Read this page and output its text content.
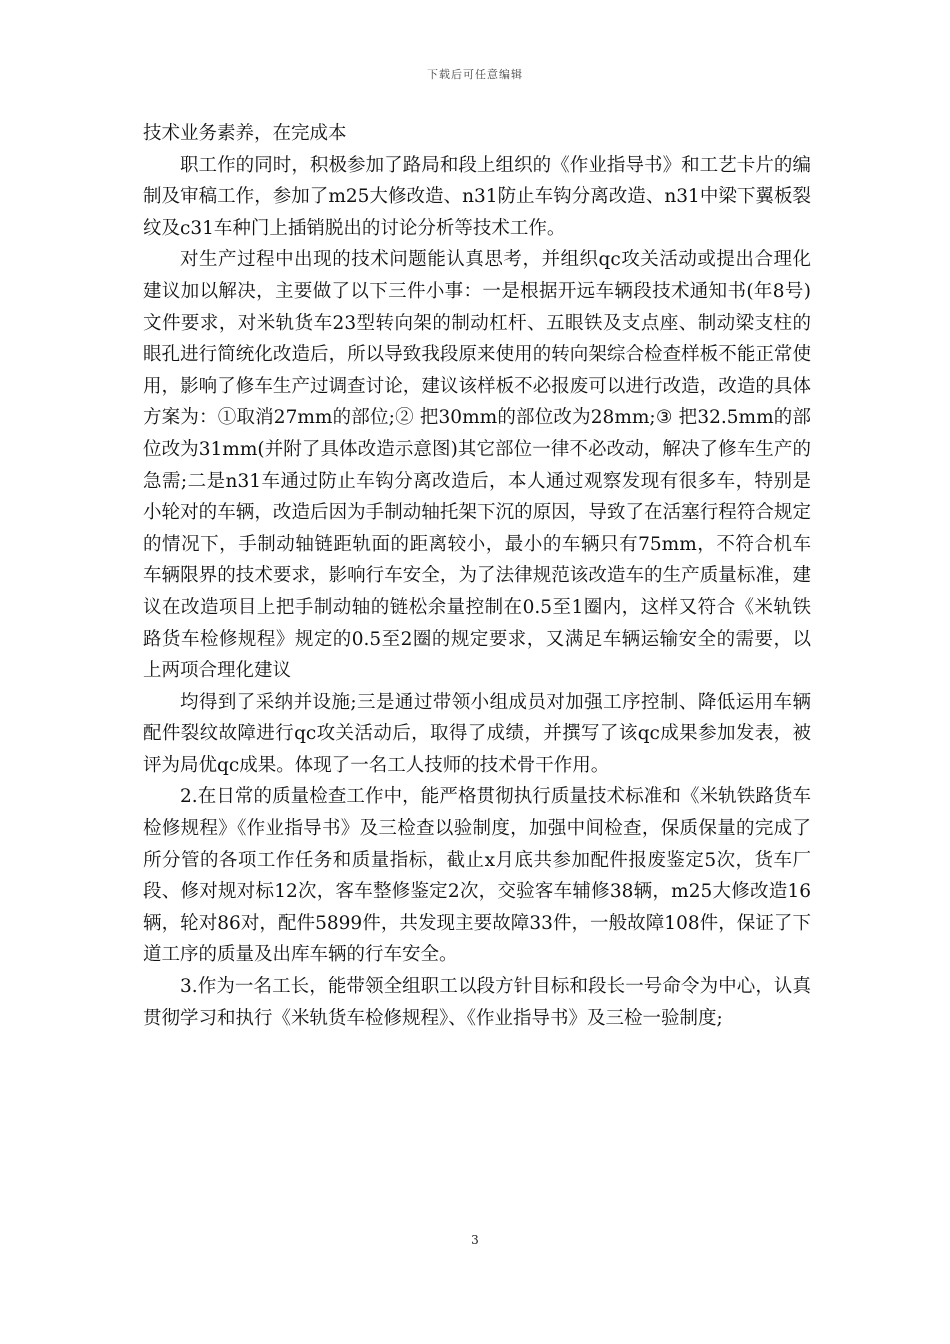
下载后可任意编辑

技术业务素养，在完成本

职工作的同时，积极参加了路局和段上组织的《作业指导书》和工艺卡片的编制及审稿工作，参加了m25大修改造、n31防止车钩分离改造、n31中梁下翼板裂纹及c31车种门上插销脱出的讨论分析等技术工作。

对生产过程中出现的技术问题能认真思考，并组织qc攻关活动或提出合理化建议加以解决，主要做了以下三件小事：一是根据开远车辆段技术通知书(年8号)文件要求，对米轨货车23型转向架的制动杠杆、五眼铁及支点座、制动梁支柱的眼孔进行简统化改造后，所以导致我段原来使用的转向架综合检查样板不能正常使用，影响了修车生产过调查讨论，建议该样板不必报废可以进行改造，改造的具体方案为：①取消27mm的部位;② 把30mm的部位改为28mm;③ 把32.5mm的部位改为31mm(并附了具体改造示意图)其它部位一律不必改动，解决了修车生产的急需;二是n31车通过防止车钩分离改造后，本人通过观察发现有很多车，特别是小轮对的车辆，改造后因为手制动轴托架下沉的原因，导致了在活塞行程符合规定的情况下，手制动轴链距轨面的距离较小，最小的车辆只有75mm，不符合机车车辆限界的技术要求，影响行车安全，为了法律规范该改造车的生产质量标准，建议在改造项目上把手制动轴的链松余量控制在0.5至1圈内，这样又符合《米轨铁路货车检修规程》规定的0.5至2圈的规定要求，又满足车辆运输安全的需要，以上两项合理化建议

均得到了采纳并设施;三是通过带领小组成员对加强工序控制、降低运用车辆配件裂纹故障进行qc攻关活动后，取得了成绩，并撰写了该qc成果参加发表，被评为局优qc成果。体现了一名工人技师的技术骨干作用。

2.在日常的质量检查工作中，能严格贯彻执行质量技术标准和《米轨铁路货车检修规程》《作业指导书》及三检查以验制度，加强中间检查，保质保量的完成了所分管的各项工作任务和质量指标，截止x月底共参加配件报废鉴定5次，货车厂段、修对规对标12次，客车整修鉴定2次，交验客车辅修38辆，m25大修改造16辆，轮对86对，配件5899件，共发现主要故障33件，一般故障108件，保证了下道工序的质量及出库车辆的行车安全。

3.作为一名工长，能带领全组职工以段方针目标和段长一号命令为中心，认真贯彻学习和执行《米轨货车检修规程》、《作业指导书》及三检一验制度;

3
